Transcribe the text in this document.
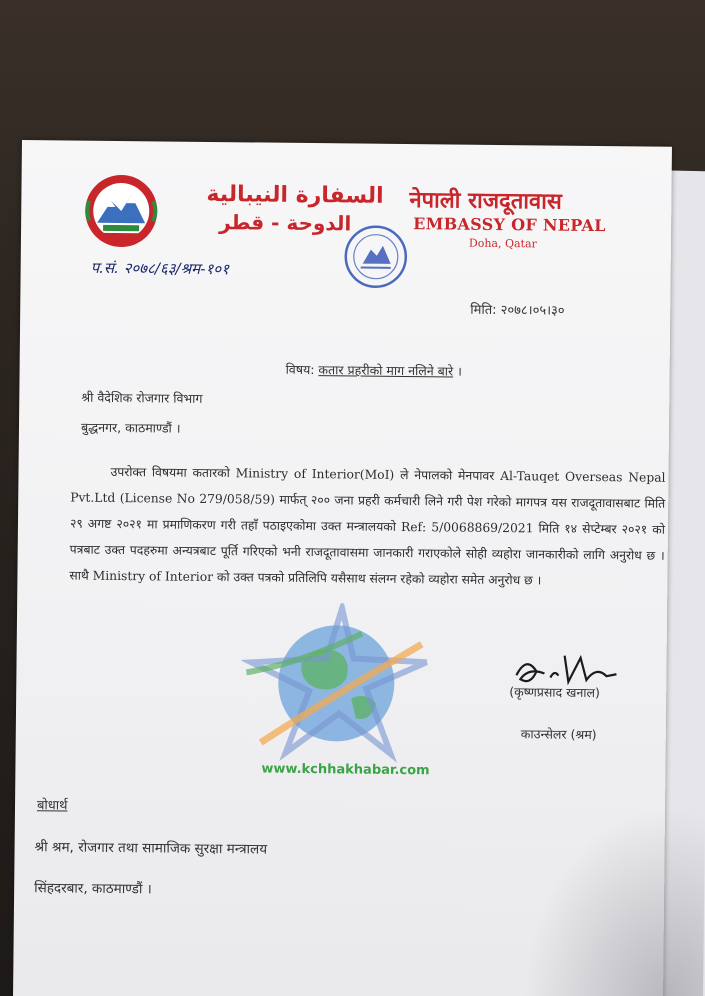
السفارة النيبالية
الدوحة - قطر
नेपाली राजदूतावास
EMBASSY OF NEPAL
Doha, Qatar
प.सं. २०७८/६३/श्रम-१०१
मिति: २०७८।०५।३०
विषय: कतार प्रहरीको माग नलिने बारे ।
श्री वैदेशिक रोजगार विभाग
बुद्धनगर, काठमाण्डौं ।
उपरोक्त विषयमा कतारको Ministry of Interior(MoI) ले नेपालको मेनपावर Al-Tauqet Overseas Nepal Pvt.Ltd (License No 279/058/59) मार्फत् २०० जना प्रहरी कर्मचारी लिने गरी पेश गरेको मागपत्र यस राजदूतावासबाट मिति २९ अगष्ट २०२१ मा प्रमाणिकरण गरी तहाँ पठाइएकोमा उक्त मन्त्रालयको Ref: 5/0068869/2021 मिति १४ सेप्टेम्बर २०२१ को पत्रबाट उक्त पदहरुमा अन्यत्रबाट पूर्ति गरिएको भनी राजदूतावासमा जानकारी गराएकोले सोही व्यहोरा जानकारीको लागि अनुरोध छ । साथै Ministry of Interior को उक्त पत्रको प्रतिलिपि यसैसाथ संलग्न रहेको व्यहोरा समेत अनुरोध छ ।
www.kchhakhabar.com
(कृष्णप्रसाद खनाल)
काउन्सेलर (श्रम)
बोधार्थ
श्री श्रम, रोजगार तथा सामाजिक सुरक्षा मन्त्रालय
सिंहदरबार, काठमाण्डौं ।
